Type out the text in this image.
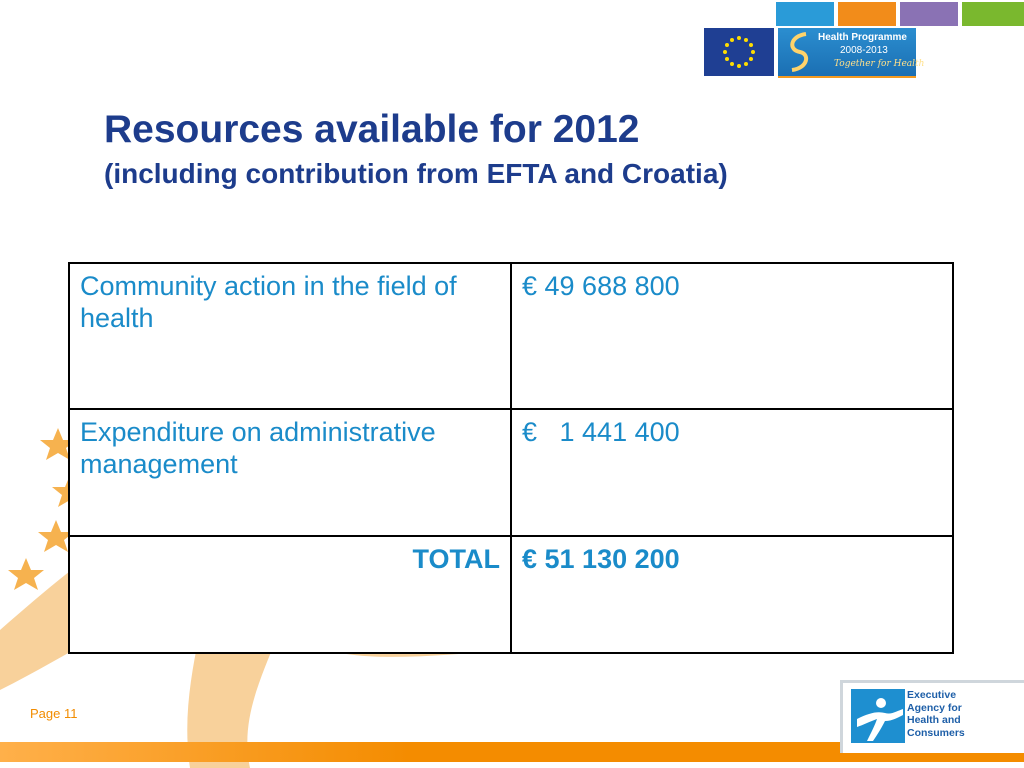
Health Programme
2008-2013
Together for Health
Resources available for 2012
(including contribution from EFTA and Croatia)
Community action in the field of health	€ 49 688 800
Expenditure on administrative management	€   1 441 400
TOTAL	€ 51 130 200
Page 11
Executive
Agency for
Health and
Consumers
